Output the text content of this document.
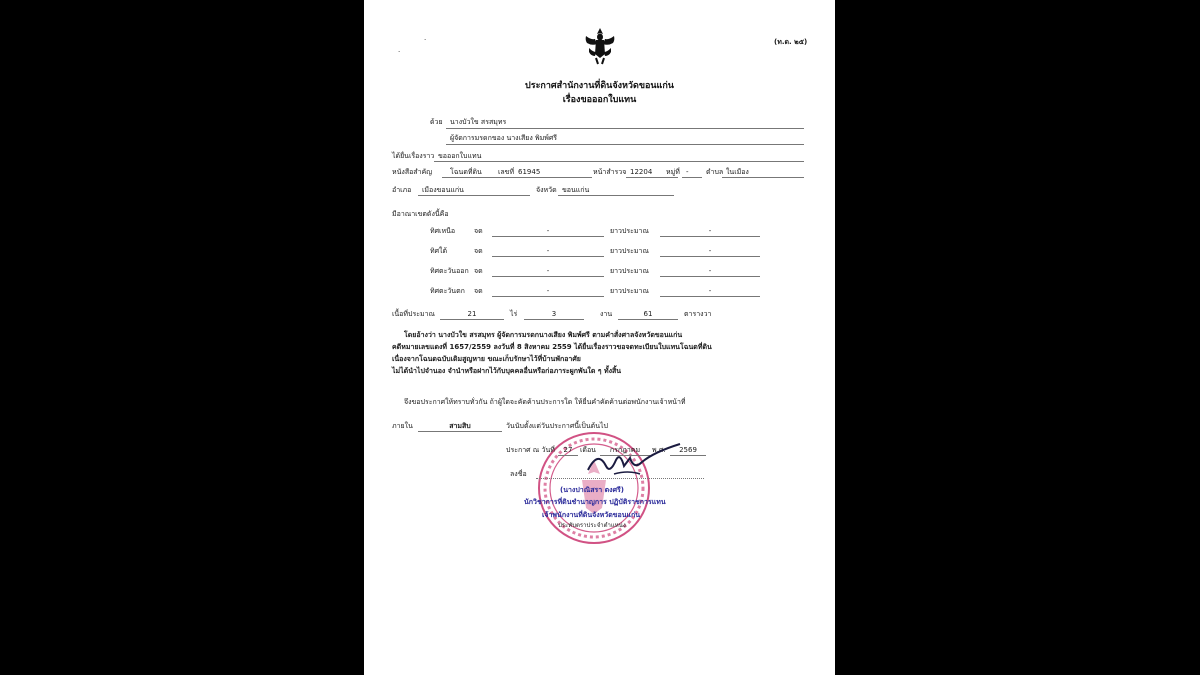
(ท.ด. ๒๕)
.
.
ประกาศสำนักงานที่ดินจังหวัดขอนแก่น
เรื่องขอออกใบแทน
ด้วย นางบัวใข สรสมุทร
ผู้จัดการมรดกของ นางเสียง พิมพ์ศรี
ได้ยื่นเรื่องราว ขอออกใบแทน
หนังสือสำคัญ	โฉนดที่ดิน เลขที่ 61945	หน้าสำรวจ 12204 หมู่ที่ - ตำบล ในเมือง
อำเภอ เมืองขอนแก่น	จังหวัด ขอนแก่น
มีอาณาเขตดังนี้คือ
ทิศเหนือ	จด	-	ยาวประมาณ	-
ทิศใต้	จด	-	ยาวประมาณ	-
ทิศตะวันออก จด	-	ยาวประมาณ	-
ทิศตะวันตก จด	-	ยาวประมาณ	-
เนื้อที่ประมาณ	21	ไร่	3	งาน	61	ตารางวา
โดยอ้างว่า นางบัวใข สรสมุทร ผู้จัดการมรดกนางเสียง พิมพ์ศรี ตามคำสั่งศาลจังหวัดขอนแก่น
คดีหมายเลขแดงที่ 1657/2559 ลงวันที่ 8 สิงหาคม 2559 ได้ยื่นเรื่องราวขอจดทะเบียนใบแทนโฉนดที่ดิน
เนื่องจากโฉนดฉบับเดิมสูญหาย ขณะเก็บรักษาไว้ที่บ้านพักอาศัย
ไม่ได้นำไปจำนอง จำนำหรือฝากไว้กับบุคคลอื่นหรือก่อภาระผูกพันใด ๆ ทั้งสิ้น
จึงขอประกาศให้ทราบทั่วกัน ถ้าผู้ใดจะคัดค้านประการใด ให้ยื่นคำคัดค้านต่อพนักงานเจ้าหน้าที่
ภายใน	สามสิบ	วันนับตั้งแต่วันประกาศนี้เป็นต้นไป
ประกาศ ณ วันที่	27	เดือน	กรกฎาคม	พ.ศ.	2569
ลงชื่อ
(นางปาณิสรา ตงศรี)
นักวิชาการที่ดินชำนาญการ ปฏิบัติราชการแทน
เจ้าพนักงานที่ดินจังหวัดขอนแก่น
ประทับตราประจำตำแหน่ง
